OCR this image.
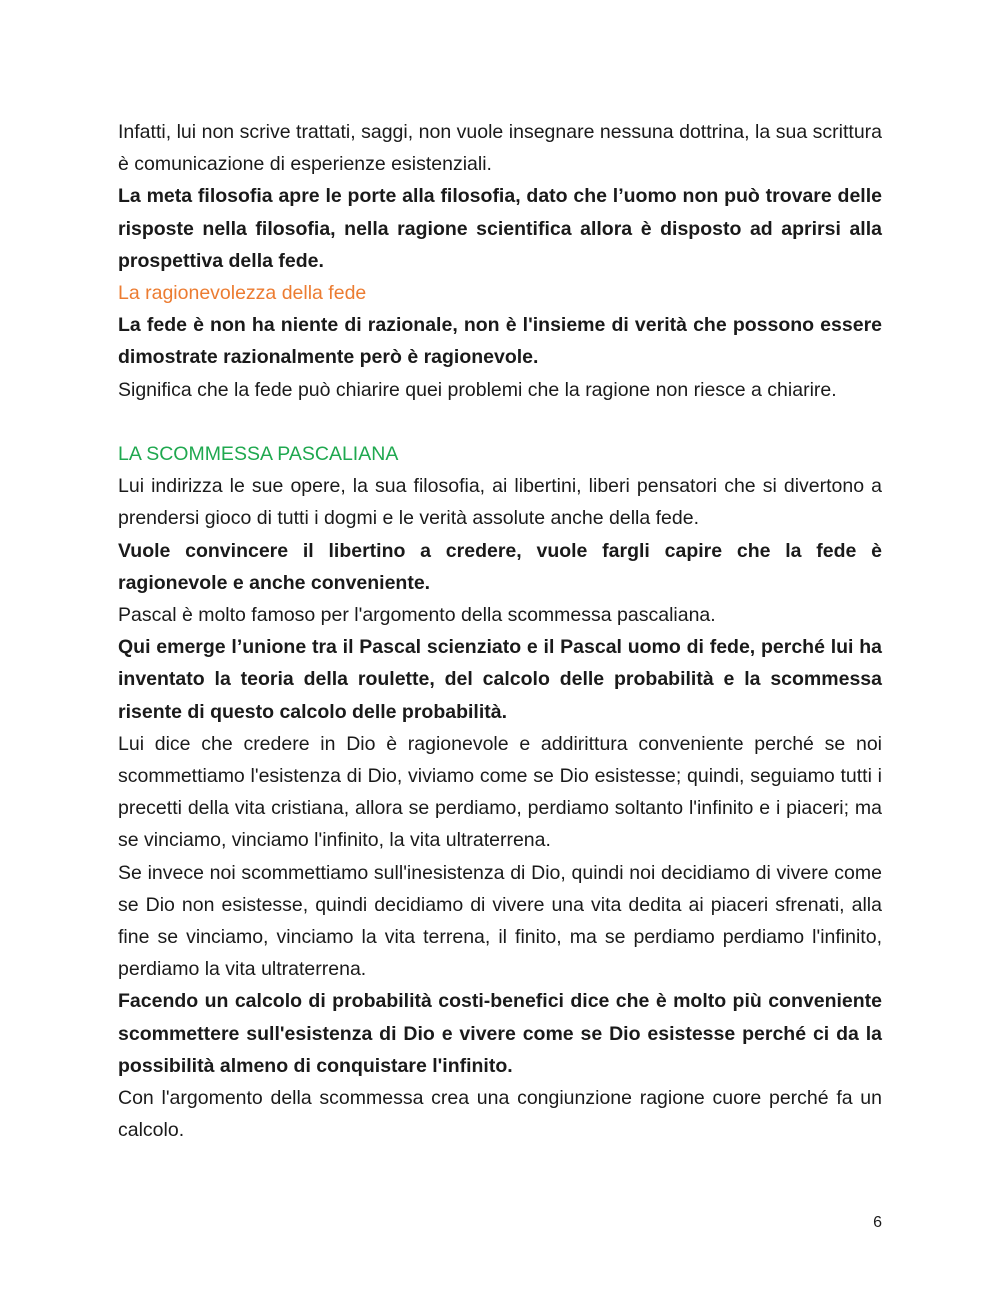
Infatti, lui non scrive trattati, saggi, non vuole insegnare nessuna dottrina, la sua scrittura è comunicazione di esperienze esistenziali.

La meta filosofia apre le porte alla filosofia, dato che l’uomo non può trovare delle risposte nella filosofia, nella ragione scientifica allora è disposto ad aprirsi alla prospettiva della fede.

La ragionevolezza della fede

La fede è non ha niente di razionale, non è l'insieme di verità che possono essere dimostrate razionalmente però è ragionevole.

Significa che la fede può chiarire quei problemi che la ragione non riesce a chiarire.

LA SCOMMESSA PASCALIANA

Lui indirizza le sue opere, la sua filosofia, ai libertini, liberi pensatori che si divertono a prendersi gioco di tutti i dogmi e le verità assolute anche della fede.

Vuole convincere il libertino a credere, vuole fargli capire che la fede è ragionevole e anche conveniente.

Pascal è molto famoso per l'argomento della scommessa pascaliana.

Qui emerge l’unione tra il Pascal scienziato e il Pascal uomo di fede, perché lui ha inventato la teoria della roulette, del calcolo delle probabilità e la scommessa risente di questo calcolo delle probabilità.

Lui dice che credere in Dio è ragionevole e addirittura conveniente perché se noi scommettiamo l'esistenza di Dio, viviamo come se Dio esistesse; quindi, seguiamo tutti i precetti della vita cristiana, allora se perdiamo, perdiamo soltanto l'infinito e i piaceri; ma se vinciamo, vinciamo l'infinito, la vita ultraterrena.

Se invece noi scommettiamo sull'inesistenza di Dio, quindi noi decidiamo di vivere come se Dio non esistesse, quindi decidiamo di vivere una vita dedita ai piaceri sfrenati, alla fine se vinciamo, vinciamo la vita terrena, il finito, ma se perdiamo perdiamo l'infinito, perdiamo la vita ultraterrena.

Facendo un calcolo di probabilità costi-benefici dice che è molto più conveniente scommettere sull'esistenza di Dio e vivere come se Dio esistesse perché ci da la possibilità almeno di conquistare l'infinito.

Con l'argomento della scommessa crea una congiunzione ragione cuore perché fa un calcolo.

6
